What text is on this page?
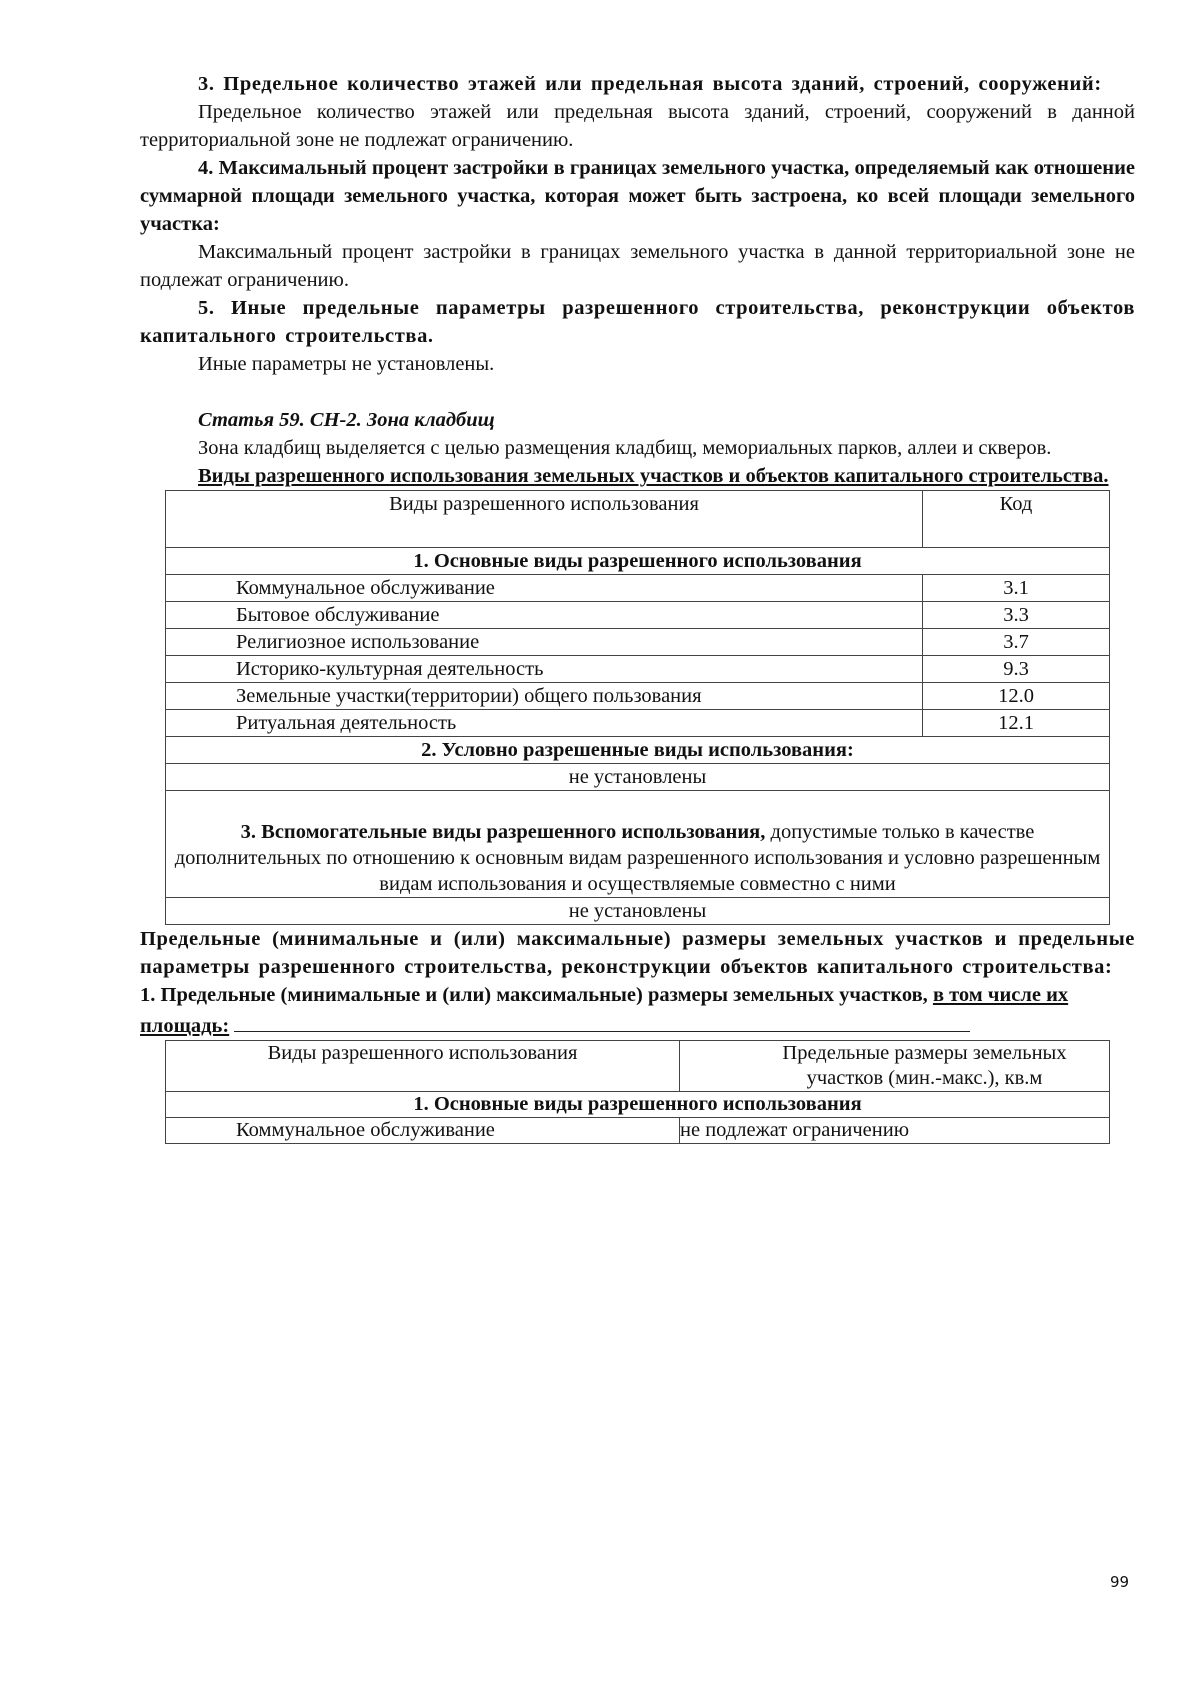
3. Предельное количество этажей или предельная высота зданий, строений, сооружений:

Предельное количество этажей или предельная высота зданий, строений, сооружений в данной территориальной зоне не подлежат ограничению.

4. Максимальный процент застройки в границах земельного участка, определяемый как отношение суммарной площади земельного участка, которая может быть застроена, ко всей площади земельного участка:

Максимальный процент застройки в границах земельного участка в данной территориальной зоне не подлежат ограничению.

5. Иные предельные параметры разрешенного строительства, реконструкции объектов капитального строительства.

Иные параметры не установлены.

Статья 59. СН-2. Зона кладбищ

Зона кладбищ выделяется с целью размещения кладбищ, мемориальных парков, аллеи и скверов.

Виды разрешенного использования земельных участков и объектов капитального строительства.

Виды разрешенного использования	Код
1. Основные виды разрешенного использования	
Коммунальное обслуживание	3.1
Бытовое обслуживание	3.3
Религиозное использование	3.7
Историко-культурная деятельность	9.3
Земельные участки(территории) общего пользования	12.0
Ритуальная деятельность	12.1
2. Условно разрешенные виды использования:	
не установлены	
3. Вспомогательные виды разрешенного использования, допустимые только в качестве дополнительных по отношению к основным видам разрешенного использования и условно разрешенным видам использования и осуществляемые совместно с ними	
не установлены	

Предельные (минимальные и (или) максимальные) размеры земельных участков и предельные параметры разрешенного строительства, реконструкции объектов капитального строительства:

1. Предельные (минимальные и (или) максимальные) размеры земельных участков, в том числе их площадь:

Виды разрешенного использования	Предельные размеры земельных участков (мин.-макс.), кв.м
1. Основные виды разрешенного использования	
Коммунальное обслуживание	не подлежат ограничению
99
